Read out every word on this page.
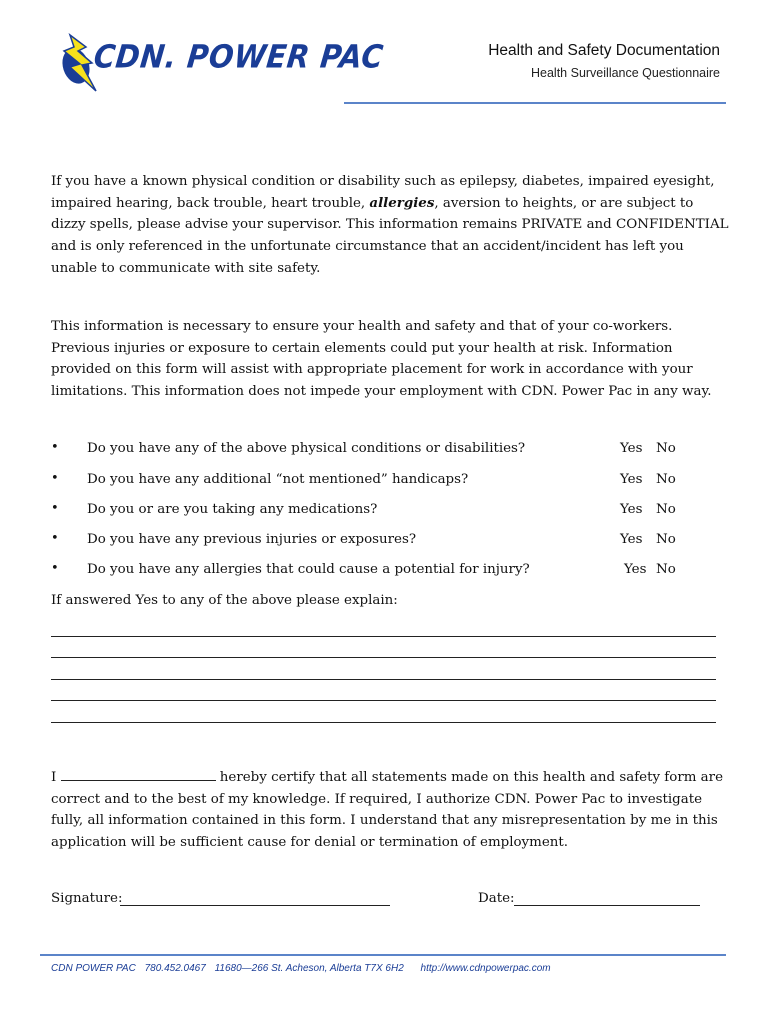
CDN. POWER PAC	Health and Safety Documentation
Health Surveillance Questionnaire
If you have a known physical condition or disability such as epilepsy, diabetes, impaired eyesight, impaired hearing, back trouble, heart trouble, allergies, aversion to heights, or are subject to dizzy spells, please advise your supervisor. This information remains PRIVATE and CONFIDENTIAL and is only referenced in the unfortunate circumstance that an accident/incident has left you unable to communicate with site safety.
This information is necessary to ensure your health and safety and that of your co-workers. Previous injuries or exposure to certain elements could put your health at risk. Information provided on this form will assist with appropriate placement for work in accordance with your limitations. This information does not impede your employment with CDN. Power Pac in any way.
• Do you have any of the above physical conditions or disabilities?	Yes No
• Do you have any additional “not mentioned” handicaps?	Yes No
• Do you or are you taking any medications?	Yes No
• Do you have any previous injuries or exposures?	Yes No
• Do you have any allergies that could cause a potential for injury?	Yes No
If answered Yes to any of the above please explain:
I	hereby certify that all statements made on this health and safety form are correct and to the best of my knowledge. If required, I authorize CDN. Power Pac to investigate fully, all information contained in this form. I understand that any misrepresentation by me in this application will be sufficient cause for denial or termination of employment.
Signature:	Date:
CDN POWER PAC 780.452.0467 11680—266 St. Acheson, Alberta T7X 6H2 http://www.cdnpowerpac.com
